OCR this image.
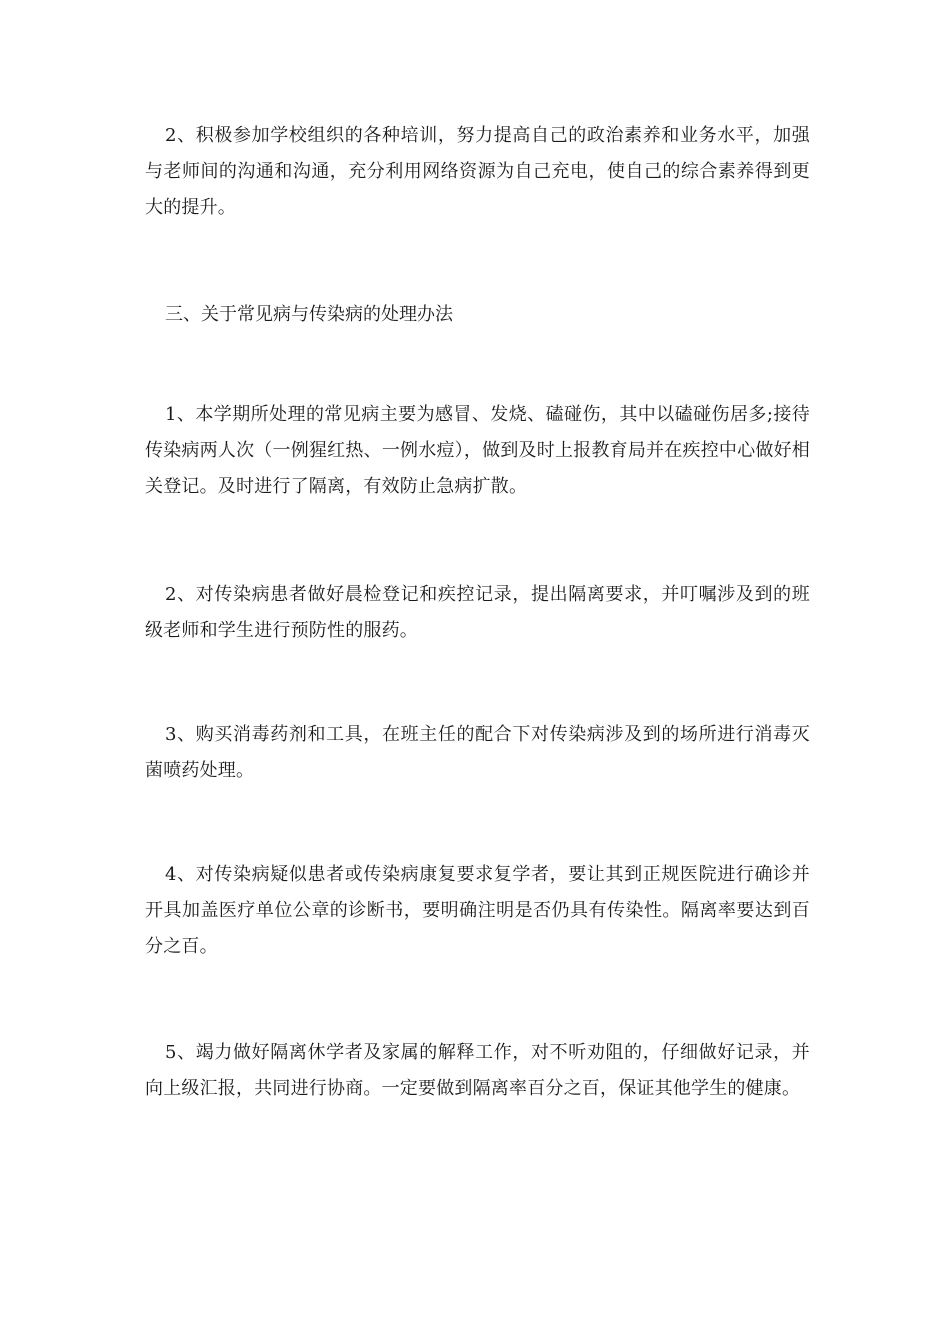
2、积极参加学校组织的各种培训，努力提高自己的政治素养和业务水平，加强与老师间的沟通和沟通，充分利用网络资源为自己充电，使自己的综合素养得到更大的提升。

三、关于常见病与传染病的处理办法

1、本学期所处理的常见病主要为感冒、发烧、磕碰伤，其中以磕碰伤居多;接待传染病两人次（一例猩红热、一例水痘），做到及时上报教育局并在疾控中心做好相关登记。及时进行了隔离，有效防止急病扩散。

2、对传染病患者做好晨检登记和疾控记录，提出隔离要求，并叮嘱涉及到的班级老师和学生进行预防性的服药。

3、购买消毒药剂和工具，在班主任的配合下对传染病涉及到的场所进行消毒灭菌喷药处理。

4、对传染病疑似患者或传染病康复要求复学者，要让其到正规医院进行确诊并开具加盖医疗单位公章的诊断书，要明确注明是否仍具有传染性。隔离率要达到百分之百。

5、竭力做好隔离休学者及家属的解释工作，对不听劝阻的，仔细做好记录，并向上级汇报，共同进行协商。一定要做到隔离率百分之百，保证其他学生的健康。
